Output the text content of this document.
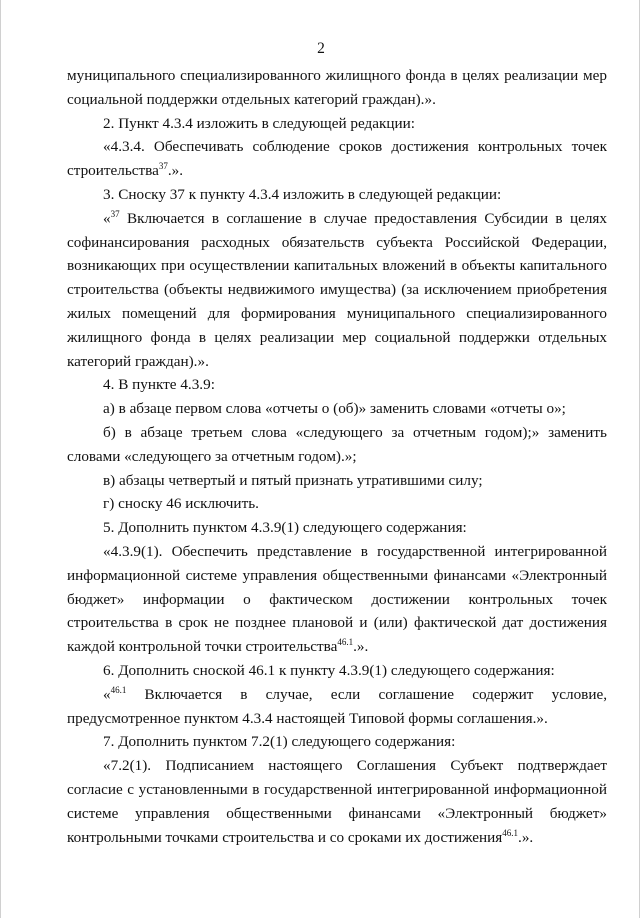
2

муниципального специализированного жилищного фонда в целях реализации мер социальной поддержки отдельных категорий граждан).».

2. Пункт 4.3.4 изложить в следующей редакции:

«4.3.4. Обеспечивать соблюдение сроков достижения контрольных точек строительства$^{37}$.».

3. Сноску 37 к пункту 4.3.4 изложить в следующей редакции:

«$^{37}$ Включается в соглашение в случае предоставления Субсидии в целях софинансирования расходных обязательств субъекта Российской Федерации, возникающих при осуществлении капитальных вложений в объекты капитального строительства (объекты недвижимого имущества) (за исключением приобретения жилых помещений для формирования муниципального специализированного жилищного фонда в целях реализации мер социальной поддержки отдельных категорий граждан).».

4. В пункте 4.3.9:

а) в абзаце первом слова «отчеты о (об)» заменить словами «отчеты о»;

б) в абзаце третьем слова «следующего за отчетным годом);» заменить словами «следующего за отчетным годом).»;

в) абзацы четвертый и пятый признать утратившими силу;

г) сноску 46 исключить.

5. Дополнить пунктом 4.3.9(1) следующего содержания:

«4.3.9(1). Обеспечить представление в государственной интегрированной информационной системе управления общественными финансами «Электронный бюджет» информации о фактическом достижении контрольных точек строительства в срок не позднее плановой и (или) фактической дат достижения каждой контрольной точки строительства$^{46.1}$.».

6. Дополнить сноской 46.1 к пункту 4.3.9(1) следующего содержания:

«$^{46.1}$ Включается в случае, если соглашение содержит условие, предусмотренное пунктом 4.3.4 настоящей Типовой формы соглашения.».

7. Дополнить пунктом 7.2(1) следующего содержания:

«7.2(1). Подписанием настоящего Соглашения Субъект подтверждает согласие с установленными в государственной интегрированной информационной системе управления общественными финансами «Электронный бюджет» контрольными точками строительства и со сроками их достижения$^{46.1}$.».
